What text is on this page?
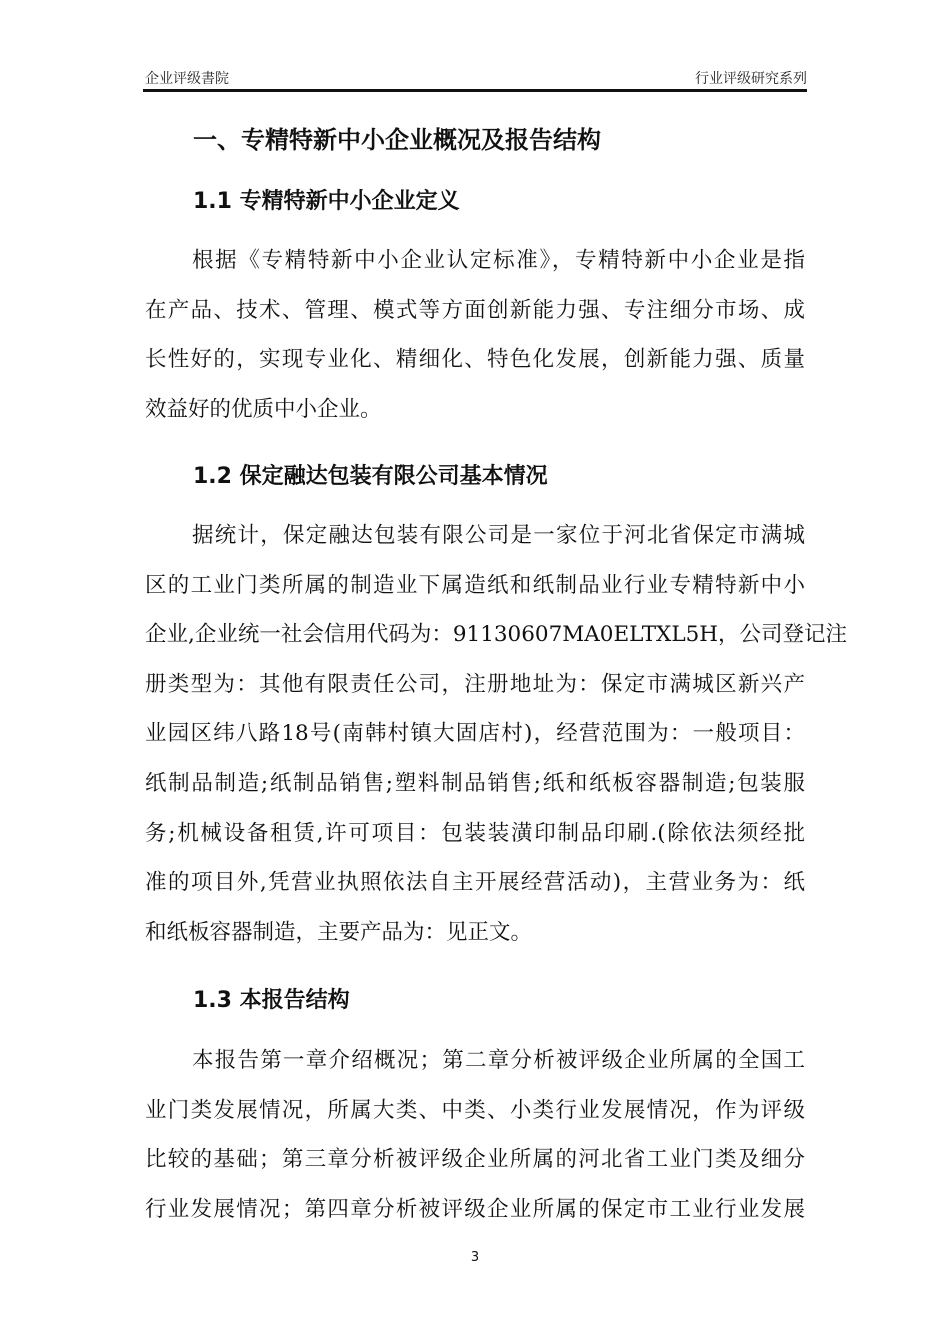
企业评级書院	行业评级研究系列
一、专精特新中小企业概况及报告结构
1.1 专精特新中小企业定义
根据《专精特新中小企业认定标准》，专精特新中小企业是指
在产品、技术、管理、模式等方面创新能力强、专注细分市场、成
长性好的，实现专业化、精细化、特色化发展，创新能力强、质量
效益好的优质中小企业。
1.2 保定融达包装有限公司基本情况
据统计，保定融达包装有限公司是一家位于河北省保定市满城
区的工业门类所属的制造业下属造纸和纸制品业行业专精特新中小
企业,企业统一社会信用代码为：91130607MA0ELTXL5H，公司登记注
册类型为：其他有限责任公司，注册地址为：保定市满城区新兴产
业园区纬八路18号(南韩村镇大固店村)，经营范围为：一般项目：
纸制品制造;纸制品销售;塑料制品销售;纸和纸板容器制造;包装服
务;机械设备租赁,许可项目：包装装潢印制品印刷.(除依法须经批
准的项目外,凭营业执照依法自主开展经营活动)，主营业务为：纸
和纸板容器制造，主要产品为：见正文。
1.3 本报告结构
本报告第一章介绍概况；第二章分析被评级企业所属的全国工
业门类发展情况，所属大类、中类、小类行业发展情况，作为评级
比较的基础；第三章分析被评级企业所属的河北省工业门类及细分
行业发展情况；第四章分析被评级企业所属的保定市工业行业发展
3
